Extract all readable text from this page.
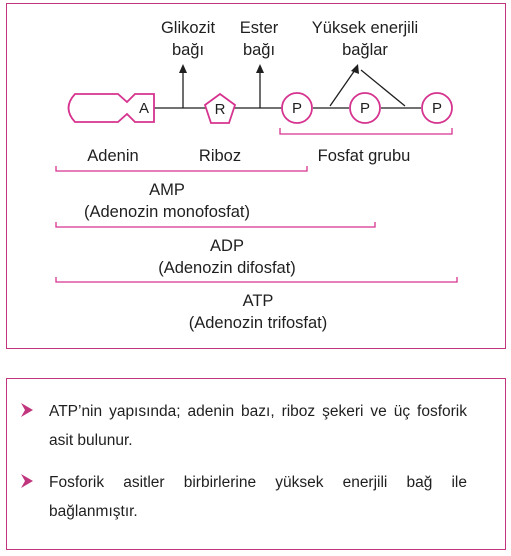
Glikozit
bağı
Ester
bağı
Yüksek enerjili
bağlar
A	R	P	P	P
Fosfat grubu
Adenin	Riboz
AMP
(Adenozin monofosfat)
ADP
(Adenozin difosfat)
ATP
(Adenozin trifosfat)
ATP’nin yapısında; adenin bazı, riboz şekeri ve üç fosforik asit bulunur.
Fosforik asitler birbirlerine yüksek enerjili bağ ile bağlanmıştır.
